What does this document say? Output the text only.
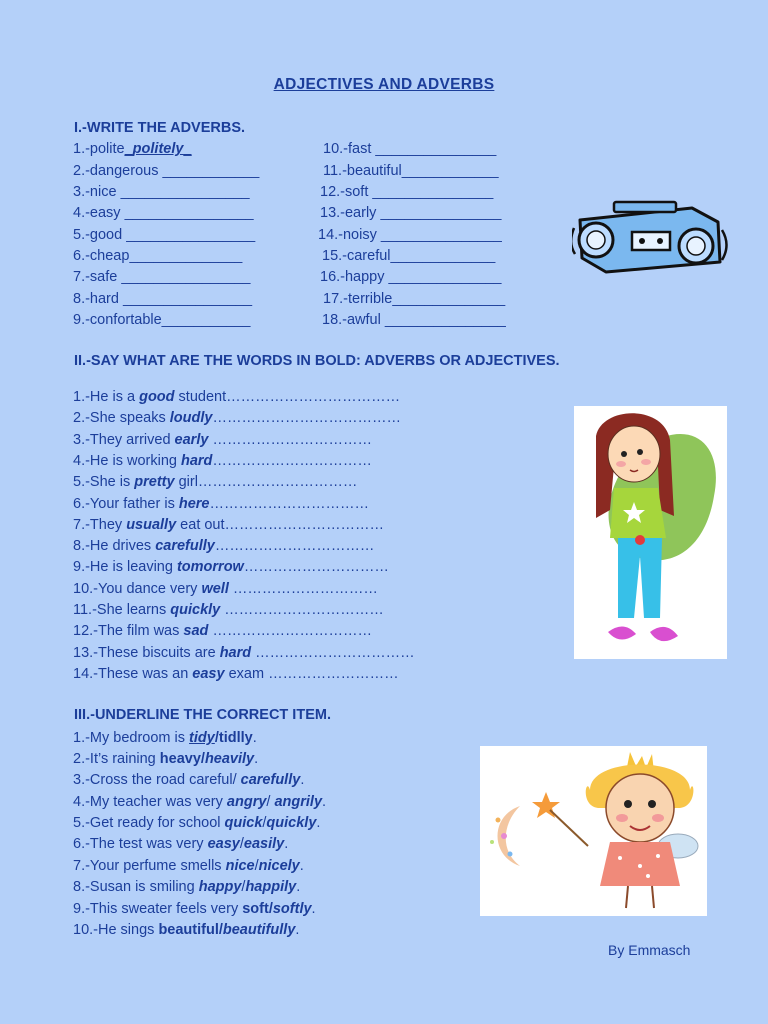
ADJECTIVES AND ADVERBS
I.-WRITE THE ADVERBS.
1.-polite_politely_
2.-dangerous ____________
3.-nice ________________
4.-easy ________________
5.-good ________________
6.-cheap______________
7.-safe ________________
8.-hard ________________
9.-confortable___________
10.-fast _______________
11.-beautiful____________
12.-soft _______________
13.-early _______________
14.-noisy _______________
15.-careful_____________
16.-happy ______________
17.-terrible______________
18.-awful _______________
II.-SAY WHAT ARE THE WORDS IN BOLD: ADVERBS OR ADJECTIVES.
1.-He is a good student………………………………
2.-She speaks loudly…………………………………
3.-They arrived early ……………………………
4.-He is working hard……………………………
5.-She is pretty girl……………………………
6.-Your father is here……………………………
7.-They usually eat out……………………………
8.-He drives carefully……………………………
9.-He is leaving tomorrow…………………………
10.-You dance very well …………………………
11.-She learns quickly ……………………………
12.-The film was sad ……………………………
13.-These biscuits are hard ……………………………
14.-These was an easy exam ………………………
III.-UNDERLINE THE CORRECT ITEM.
1.-My bedroom is tidy/tidlly.
2.-It’s raining heavy/heavily.
3.-Cross the road careful/ carefully.
4.-My teacher was very angry/ angrily.
5.-Get ready for school quick/quickly.
6.-The test was very easy/easily.
7.-Your perfume smells nice/nicely.
8.-Susan is smiling happy/happily.
9.-This sweater feels very soft/softly.
10.-He sings beautiful/beautifully.
By Emmasch
